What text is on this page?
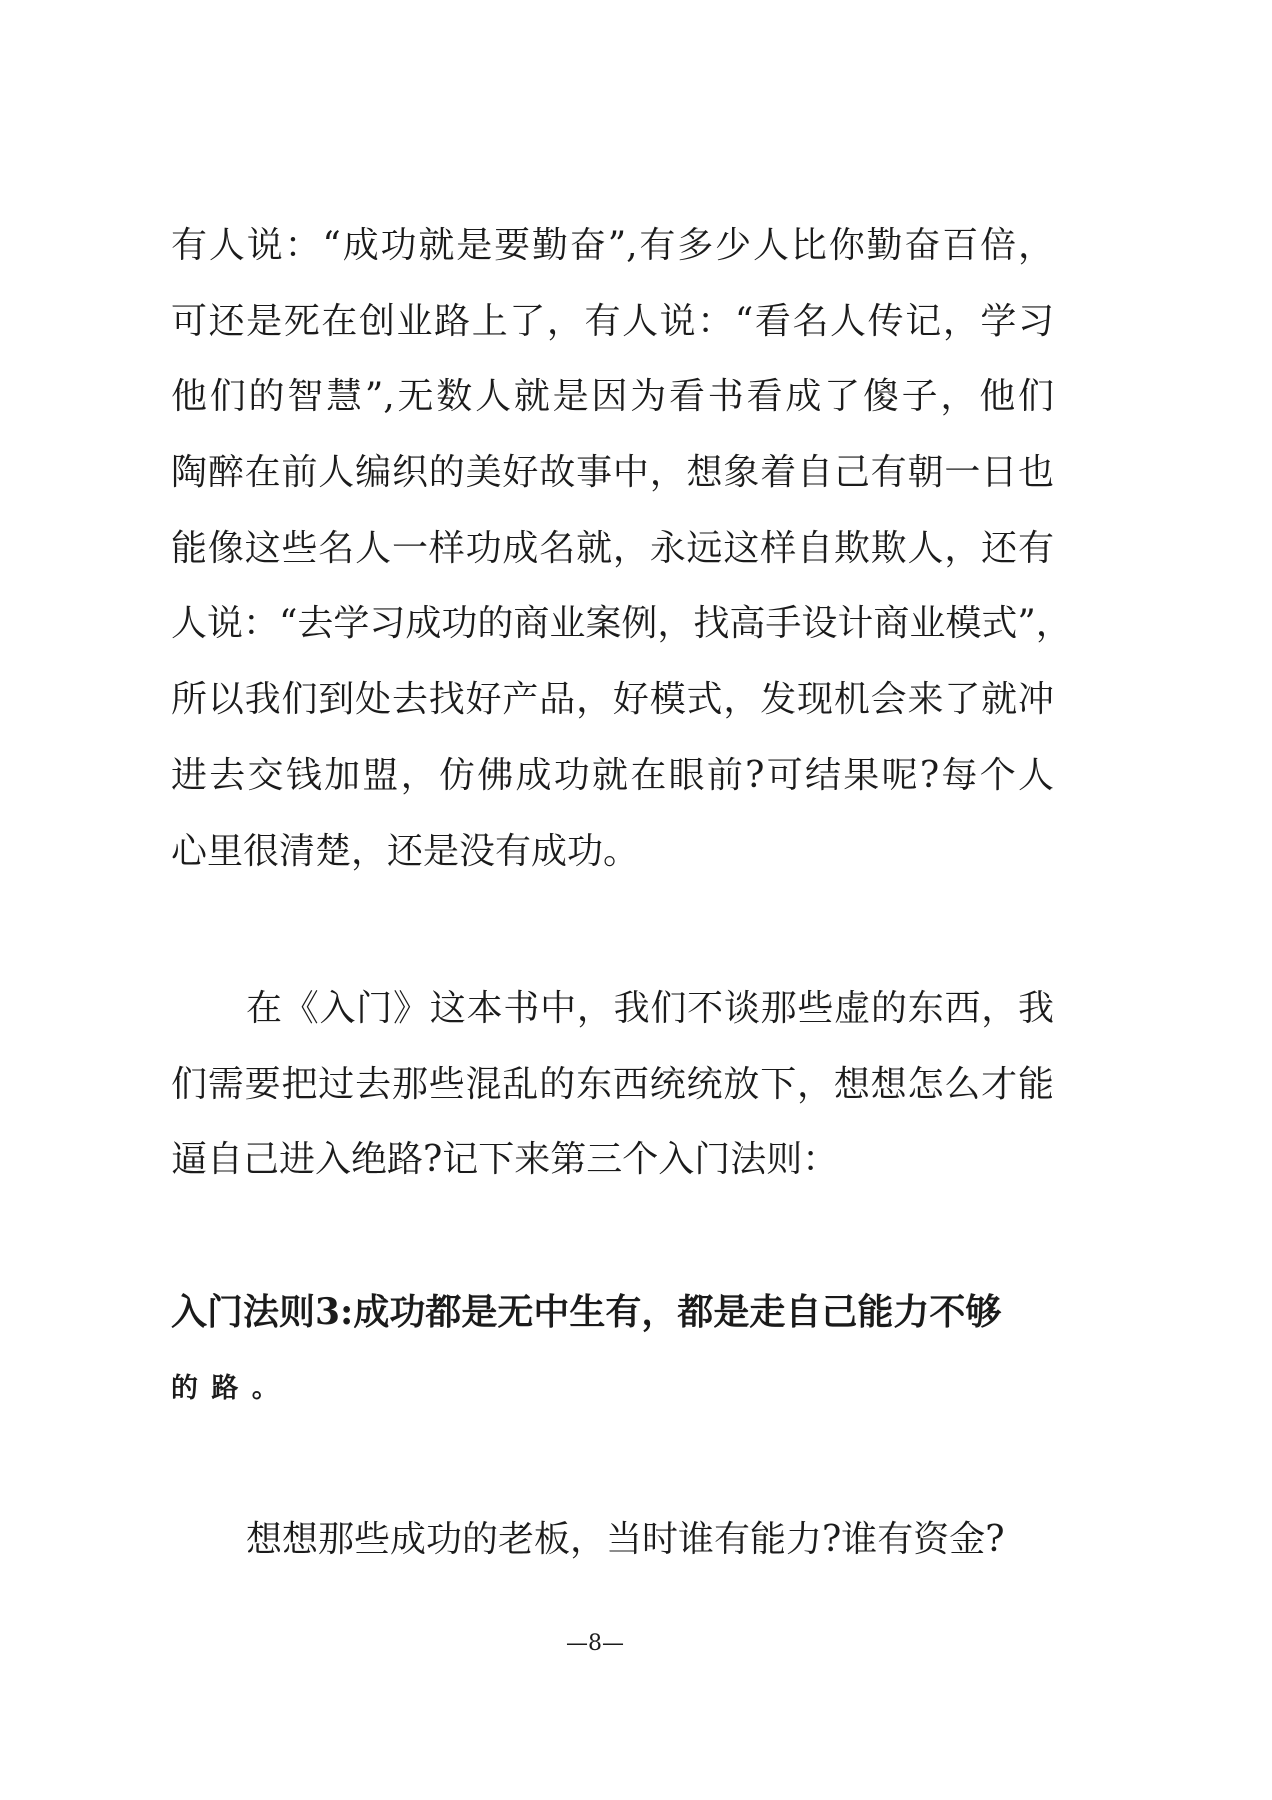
有人说：“成功就是要勤奋”,有多少人比你勤奋百倍，
可还是死在创业路上了，有人说：“看名人传记，学习
他们的智慧”,无数人就是因为看书看成了傻子，他们
陶醉在前人编织的美好故事中，想象着自己有朝一日也
能像这些名人一样功成名就，永远这样自欺欺人，还有
人说：“去学习成功的商业案例，找高手设计商业模式”，
所以我们到处去找好产品，好模式，发现机会来了就冲
进去交钱加盟，仿佛成功就在眼前?可结果呢?每个人
心里很清楚，还是没有成功。
在《入门》这本书中，我们不谈那些虚的东西，我
们需要把过去那些混乱的东西统统放下，想想怎么才能
逼自己进入绝路?记下来第三个入门法则：
入门法则3:成功都是无中生有，都是走自己能力不够
的 路 。
想想那些成功的老板，当时谁有能力?谁有资金?
—8—
